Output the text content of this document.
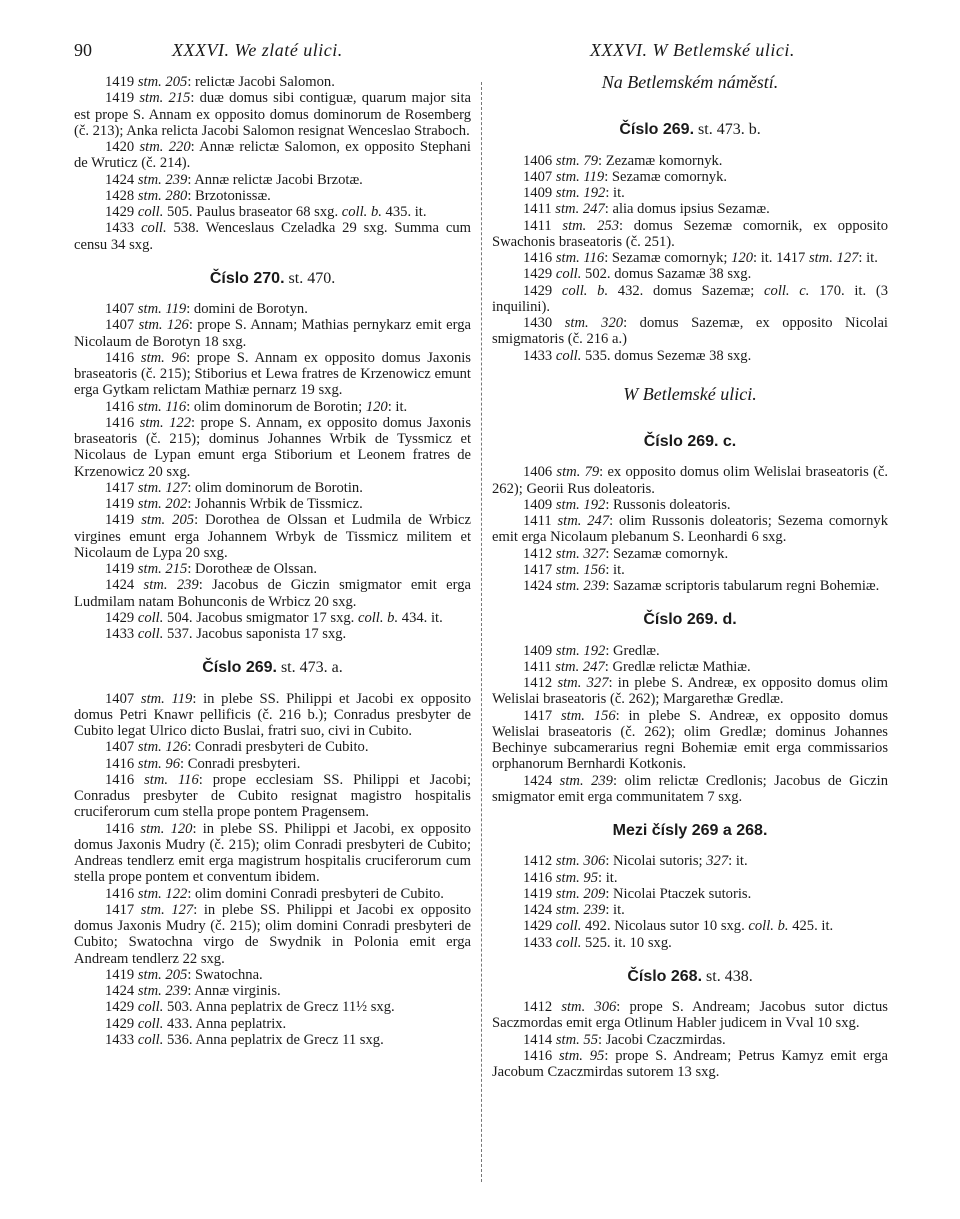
90	XXXVI. We zlaté ulici.	XXXVI. W Betlemské ulici.

1419 stm. 205: relictæ Jacobi Salomon.

1419 stm. 215: duæ domus sibi contiguæ, quarum major sita est prope S. Annam ex opposito domus dominorum de Rosemberg (č. 213); Anka relicta Jacobi Salomon resignat Wenceslao Straboch.

1420 stm. 220: Annæ relictæ Salomon, ex opposito Stephani de Wruticz (č. 214).

1424 stm. 239: Annæ relictæ Jacobi Brzotæ.

1428 stm. 280: Brzotonissæ.

1429 coll. 505. Paulus braseator 68 sxg. coll. b. 435. it.

1433 coll. 538. Wenceslaus Czeladka 29 sxg. Summa cum censu 34 sxg.

Číslo 270. st. 470.

1407 stm. 119: domini de Borotyn.

1407 stm. 126: prope S. Annam; Mathias pernykarz emit erga Nicolaum de Borotyn 18 sxg.

1416 stm. 96: prope S. Annam ex opposito domus Jaxonis braseatoris (č. 215); Stiborius et Lewa fratres de Krzenowicz emunt erga Gytkam relictam Mathiæ pernarz 19 sxg.

1416 stm. 116: olim dominorum de Borotin; 120: it.

1416 stm. 122: prope S. Annam, ex opposito domus Jaxonis braseatoris (č. 215); dominus Johannes Wrbik de Tyssmicz et Nicolaus de Lypan emunt erga Stiborium et Leonem fratres de Krzenowicz 20 sxg.

1417 stm. 127: olim dominorum de Borotin.

1419 stm. 202: Johannis Wrbik de Tissmicz.

1419 stm. 205: Dorothea de Olssan et Ludmila de Wrbicz virgines emunt erga Johannem Wrbyk de Tissmicz militem et Nicolaum de Lypa 20 sxg.

1419 stm. 215: Dorotheæ de Olssan.

1424 stm. 239: Jacobus de Giczin smigmator emit erga Ludmilam natam Bohunconis de Wrbicz 20 sxg.

1429 coll. 504. Jacobus smigmator 17 sxg. coll. b. 434. it.

1433 coll. 537. Jacobus saponista 17 sxg.

Číslo 269. st. 473. a.

1407 stm. 119: in plebe SS. Philippi et Jacobi ex opposito domus Petri Knawr pellificis (č. 216 b.); Conradus presbyter de Cubito legat Ulrico dicto Buslai, fratri suo, civi in Cubito.

1407 stm. 126: Conradi presbyteri de Cubito.

1416 stm. 96: Conradi presbyteri.

1416 stm. 116: prope ecclesiam SS. Philippi et Jacobi; Conradus presbyter de Cubito resignat magistro hospitalis cruciferorum cum stella prope pontem Pragensem.

1416 stm. 120: in plebe SS. Philippi et Jacobi, ex opposito domus Jaxonis Mudry (č. 215); olim Conradi presbyteri de Cubito; Andreas tendlerz emit erga magistrum hospitalis cruciferorum cum stella prope pontem et conventum ibidem.

1416 stm. 122: olim domini Conradi presbyteri de Cubito.

1417 stm. 127: in plebe SS. Philippi et Jacobi ex opposito domus Jaxonis Mudry (č. 215); olim domini Conradi presbyteri de Cubito; Swatochna virgo de Swydnik in Polonia emit erga Andream tendlerz 22 sxg.

1419 stm. 205: Swatochna.

1424 stm. 239: Annæ virginis.

1429 coll. 503. Anna peplatrix de Grecz 11½ sxg.

1429 coll. 433. Anna peplatrix.

1433 coll. 536. Anna peplatrix de Grecz 11 sxg.

Na Betlemském náměstí.

Číslo 269. st. 473. b.

1406 stm. 79: Zezamæ komornyk.

1407 stm. 119: Sezamæ comornyk.

1409 stm. 192: it.

1411 stm. 247: alia domus ipsius Sezamæ.

1411 stm. 253: domus Sezemæ comornik, ex opposito Swachonis braseatoris (č. 251).

1416 stm. 116: Sezamæ comornyk; 120: it. 1417 stm. 127: it.

1429 coll. 502. domus Sazamæ 38 sxg.

1429 coll. b. 432. domus Sazemæ; coll. c. 170. it. (3 inquilini).

1430 stm. 320: domus Sazemæ, ex opposito Nicolai smigmatoris (č. 216 a.)

1433 coll. 535. domus Sezemæ 38 sxg.

W Betlemské ulici.

Číslo 269. c.

1406 stm. 79: ex opposito domus olim Welislai braseatoris (č. 262); Georii Rus doleatoris.

1409 stm. 192: Russonis doleatoris.

1411 stm. 247: olim Russonis doleatoris; Sezema comornyk emit erga Nicolaum plebanum S. Leonhardi 6 sxg.

1412 stm. 327: Sezamæ comornyk.

1417 stm. 156: it.

1424 stm. 239: Sazamæ scriptoris tabularum regni Bohemiæ.

Číslo 269. d.

1409 stm. 192: Gredlæ.

1411 stm. 247: Gredlæ relictæ Mathiæ.

1412 stm. 327: in plebe S. Andreæ, ex opposito domus olim Welislai braseatoris (č. 262); Margarethæ Gredlæ.

1417 stm. 156: in plebe S. Andreæ, ex opposito domus Welislai braseatoris (č. 262); olim Gredlæ; dominus Johannes Bechinye subcamerarius regni Bohemiæ emit erga commissarios orphanorum Bernhardi Kotkonis.

1424 stm. 239: olim relictæ Credlonis; Jacobus de Giczin smigmator emit erga communitatem 7 sxg.

Mezi čísly 269 a 268.

1412 stm. 306: Nicolai sutoris; 327: it.

1416 stm. 95: it.

1419 stm. 209: Nicolai Ptaczek sutoris.

1424 stm. 239: it.

1429 coll. 492. Nicolaus sutor 10 sxg. coll. b. 425. it.

1433 coll. 525. it. 10 sxg.

Číslo 268. st. 438.

1412 stm. 306: prope S. Andream; Jacobus sutor dictus Saczmordas emit erga Otlinum Habler judicem in Vval 10 sxg.

1414 stm. 55: Jacobi Czaczmirdas.

1416 stm. 95: prope S. Andream; Petrus Kamyz emit erga Jacobum Czaczmirdas sutorem 13 sxg.
